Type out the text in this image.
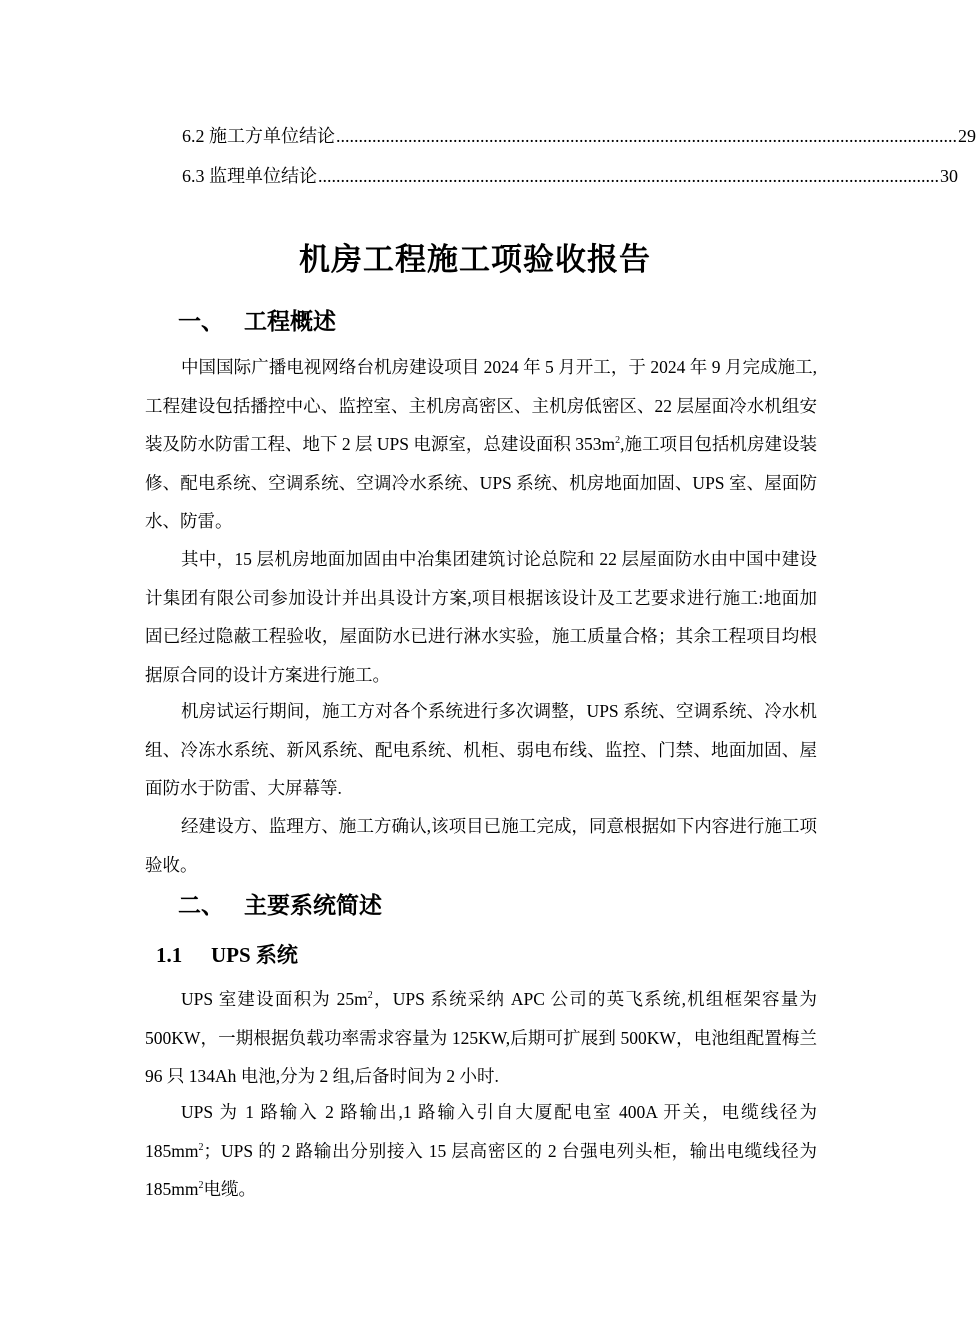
6.2 施工方单位结论 .......................................................................................................................................... 29
6.3 监理单位结论 .......................................................................................................................................... 30
机房工程施工项验收报告
一、 工程概述

中国国际广播电视网络台机房建设项目 2024 年 5 月开工，于 2024 年 9 月完成施工,工程建设包括播控中心、监控室、主机房高密区、主机房低密区、22 层屋面冷水机组安装及防水防雷工程、地下 2 层 UPS 电源室，总建设面积 $353m^2$,施工项目包括机房建设装修、配电系统、空调系统、空调冷水系统、UPS 系统、机房地面加固、UPS 室、屋面防水、防雷。

其中，15 层机房地面加固由中冶集团建筑讨论总院和 22 层屋面防水由中国中建设计集团有限公司参加设计并出具设计方案,项目根据该设计及工艺要求进行施工:地面加固已经过隐蔽工程验收，屋面防水已进行淋水实验，施工质量合格；其余工程项目均根据原合同的设计方案进行施工。

机房试运行期间，施工方对各个系统进行多次调整，UPS 系统、空调系统、冷水机组、冷冻水系统、新风系统、配电系统、机柜、弱电布线、监控、门禁、地面加固、屋面防水于防雷、大屏幕等.

经建设方、监理方、施工方确认,该项目已施工完成，同意根据如下内容进行施工项验收。

二、 主要系统简述
1.1 UPS 系统

UPS 室建设面积为 $25m^2$，UPS 系统采纳 APC 公司的英飞系统,机组框架容量为 500KW，一期根据负载功率需求容量为 125KW,后期可扩展到 500KW，电池组配置梅兰 96 只 134Ah 电池,分为 2 组,后备时间为 2 小时.

UPS 为 1 路输入 2 路输出,1 路输入引自大厦配电室 400A 开关，电缆线径为 $185mm^2$；UPS 的 2 路输出分别接入 15 层高密区的 2 台强电列头柜，输出电缆线径为 $185mm^2$电缆。
